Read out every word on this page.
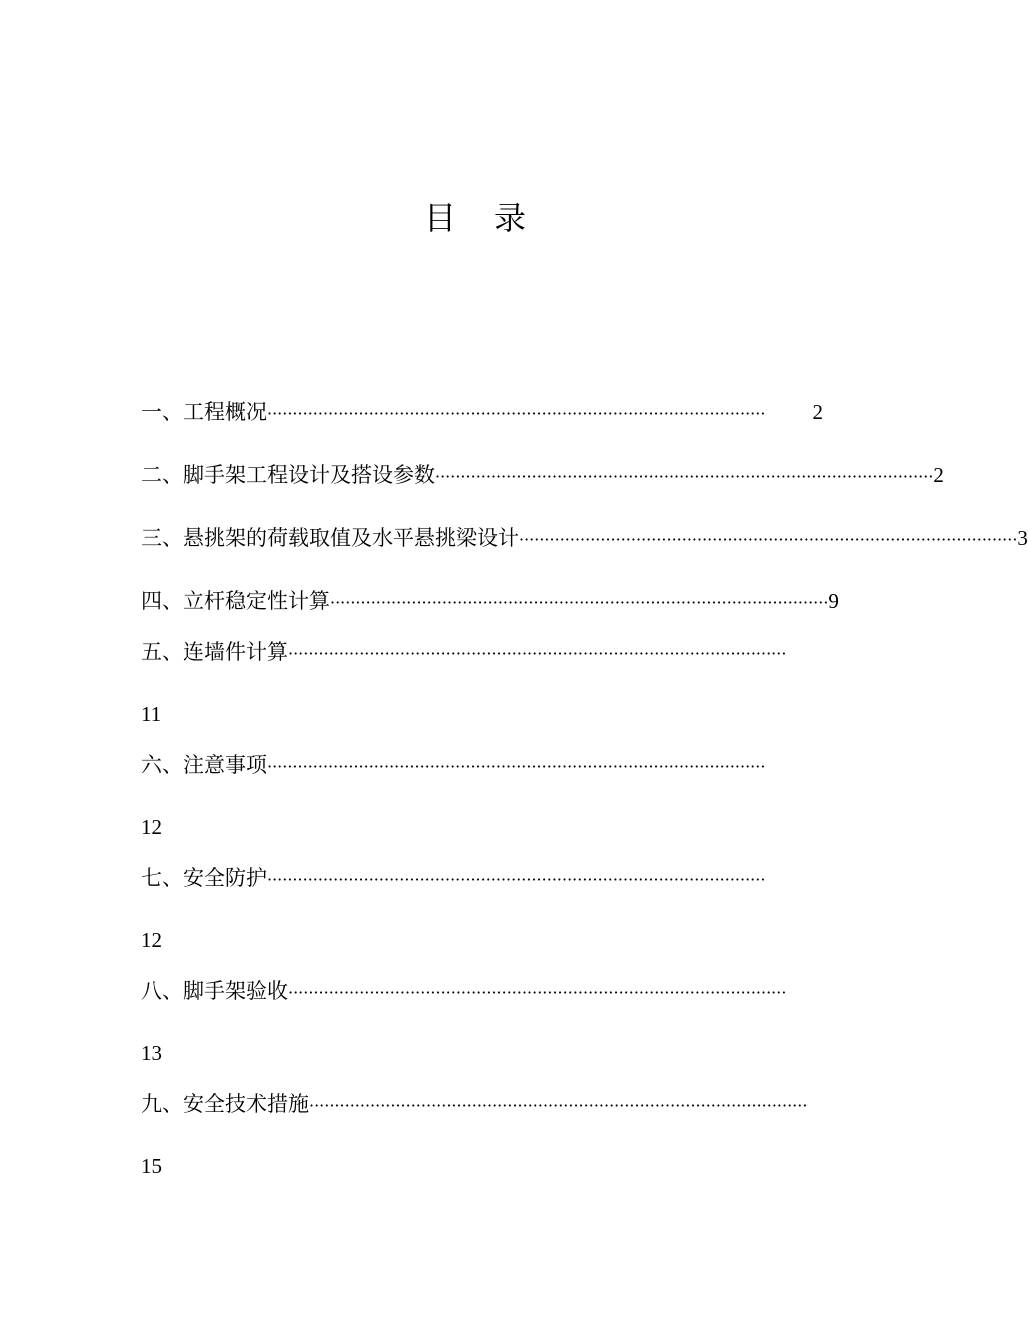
目 录
一、工程概况 ··································································································	2
二、脚手架工程设计及搭设参数 ·································································································· 2
三、悬挑架的荷载取值及水平悬挑梁设计 ·································································································· 3
四、立杆稳定性计算 ·································································································· 9
五、连墙件计算 ··································································································
11
六、注意事项 ··································································································
12
七、安全防护 ··································································································
12
八、脚手架验收 ··································································································
13
九、安全技术措施 ··································································································
15
